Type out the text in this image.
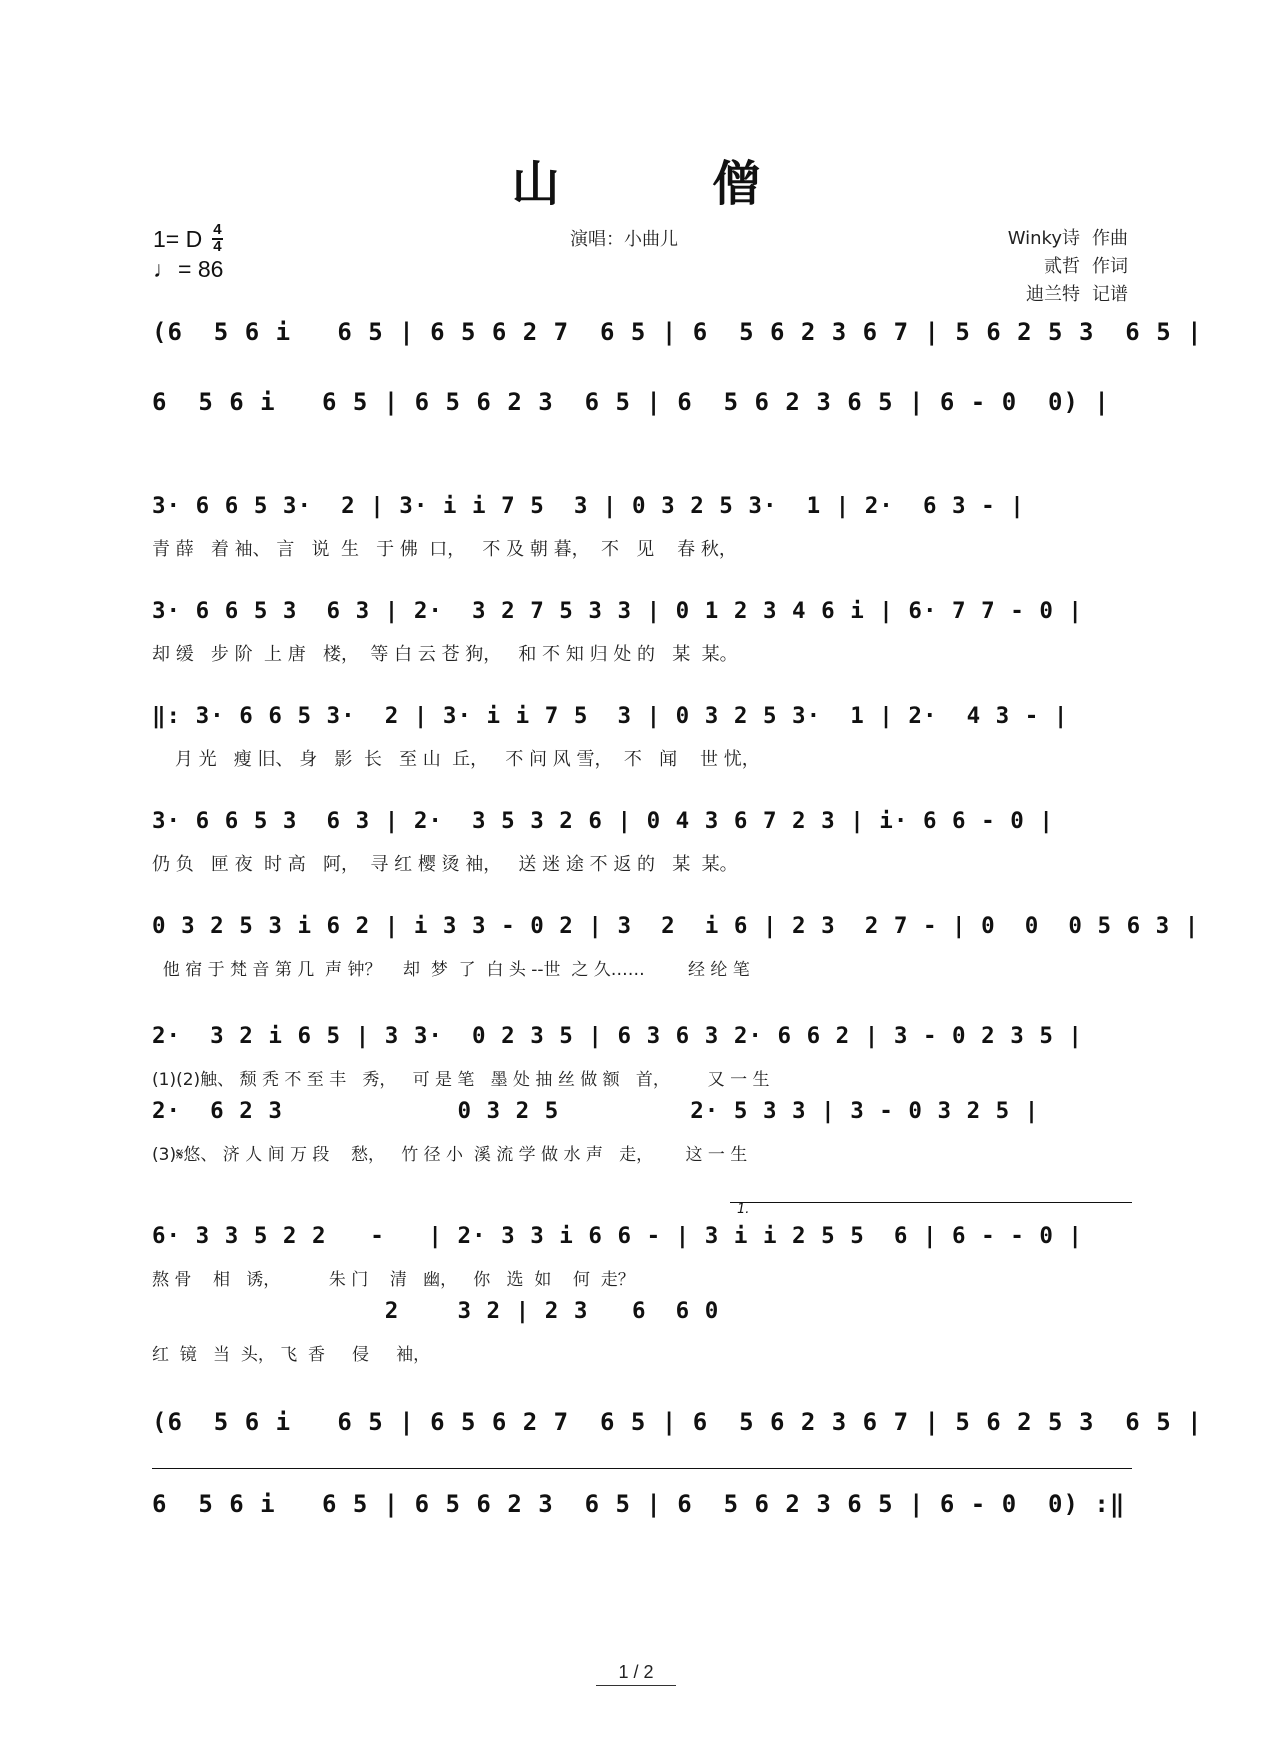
山 僧
1= D $\frac{4}{4}$
♩ = 86
演唱：小曲儿	Winky诗 作曲
贰哲 作词
迪兰特 记谱
(6  5 6 i   6 5 | 6 5 6 2 7  6 5 | 6  5 6 2 3 6 7 | 5 6 2 5 3  6 5 |
6  5 6 i   6 5 | 6 5 6 2 3  6 5 | 6  5 6 2 3 6 5 | 6 - 0  0) |
3· 6 6 5 3·  2 | 3· i i 7 5  3 | 0 3 2 5 3·  1 | 2·  6 3 - |
青 薛   着 袖、 言   说  生   于 佛  口，   不 及 朝 暮，  不   见    春 秋，
3· 6 6 5 3  6 3 | 2·  3 2 7 5 3 3 | 0 1 2 3 4 6 i | 6· 7 7 - 0 |
却 缓   步 阶  上 唐   楼，  等 白 云 苍 狗，   和 不 知 归 处 的   某  某。
‖: 3· 6 6 5 3·  2 | 3· i i 7 5  3 | 0 3 2 5 3·  1 | 2·  4 3 - |
月 光   瘦 旧、 身   影  长   至 山  丘，   不 问 风 雪，  不   闻    世 忧，
3· 6 6 5 3  6 3 | 2·  3 5 3 2 6 | 0 4 3 6 7 2 3 | i· 6 6 - 0 |
仍 负   匣 夜  时 高   阿，  寻 红 樱 烫 袖，   送 迷 途 不 返 的   某  某。
0 3 2 5 3 i 6 2 | i 3 3 - 0 2 | 3  2  i 6 | 2 3  2 7 - | 0  0  0 5 6 3 |
他 宿 于 梵 音 第 几  声 钟？    却  梦  了  白 头 --世  之 久……        经 纶 笔
2·  3 2 i 6 5 | 3 3·  0 2 3 5 | 6 3 6 3 2· 6 6 2 | 3 - 0 2 3 5 |
(1)(2)触、 颓 秃 不 至 丰   秀，   可 是 笔   墨 处 抽 丝 做 额   首，       又 一 生
2·  6 2 3            0 3 2 5         2· 5 3 3 | 3 - 0 3 2 5 |
(3)𝄋悠、 济 人 间 万 段    愁，   竹 径 小  溪 流 学 做 水 声   走，      这 一 生
1.
6· 3 3 5 2 2   -   | 2· 3 3 i 6 6 - | 3 i i 2 5 5  6 | 6 - - 0 |
熬 骨    相   诱，         朱 门    清   幽，   你   选  如    何  走？
2    3 2 | 2 3   6  6 0
红  镜   当  头， 飞  香     侵     袖，
(6  5 6 i   6 5 | 6 5 6 2 7  6 5 | 6  5 6 2 3 6 7 | 5 6 2 5 3  6 5 |
6  5 6 i   6 5 | 6 5 6 2 3  6 5 | 6  5 6 2 3 6 5 | 6 - 0  0) :‖
1 / 2
